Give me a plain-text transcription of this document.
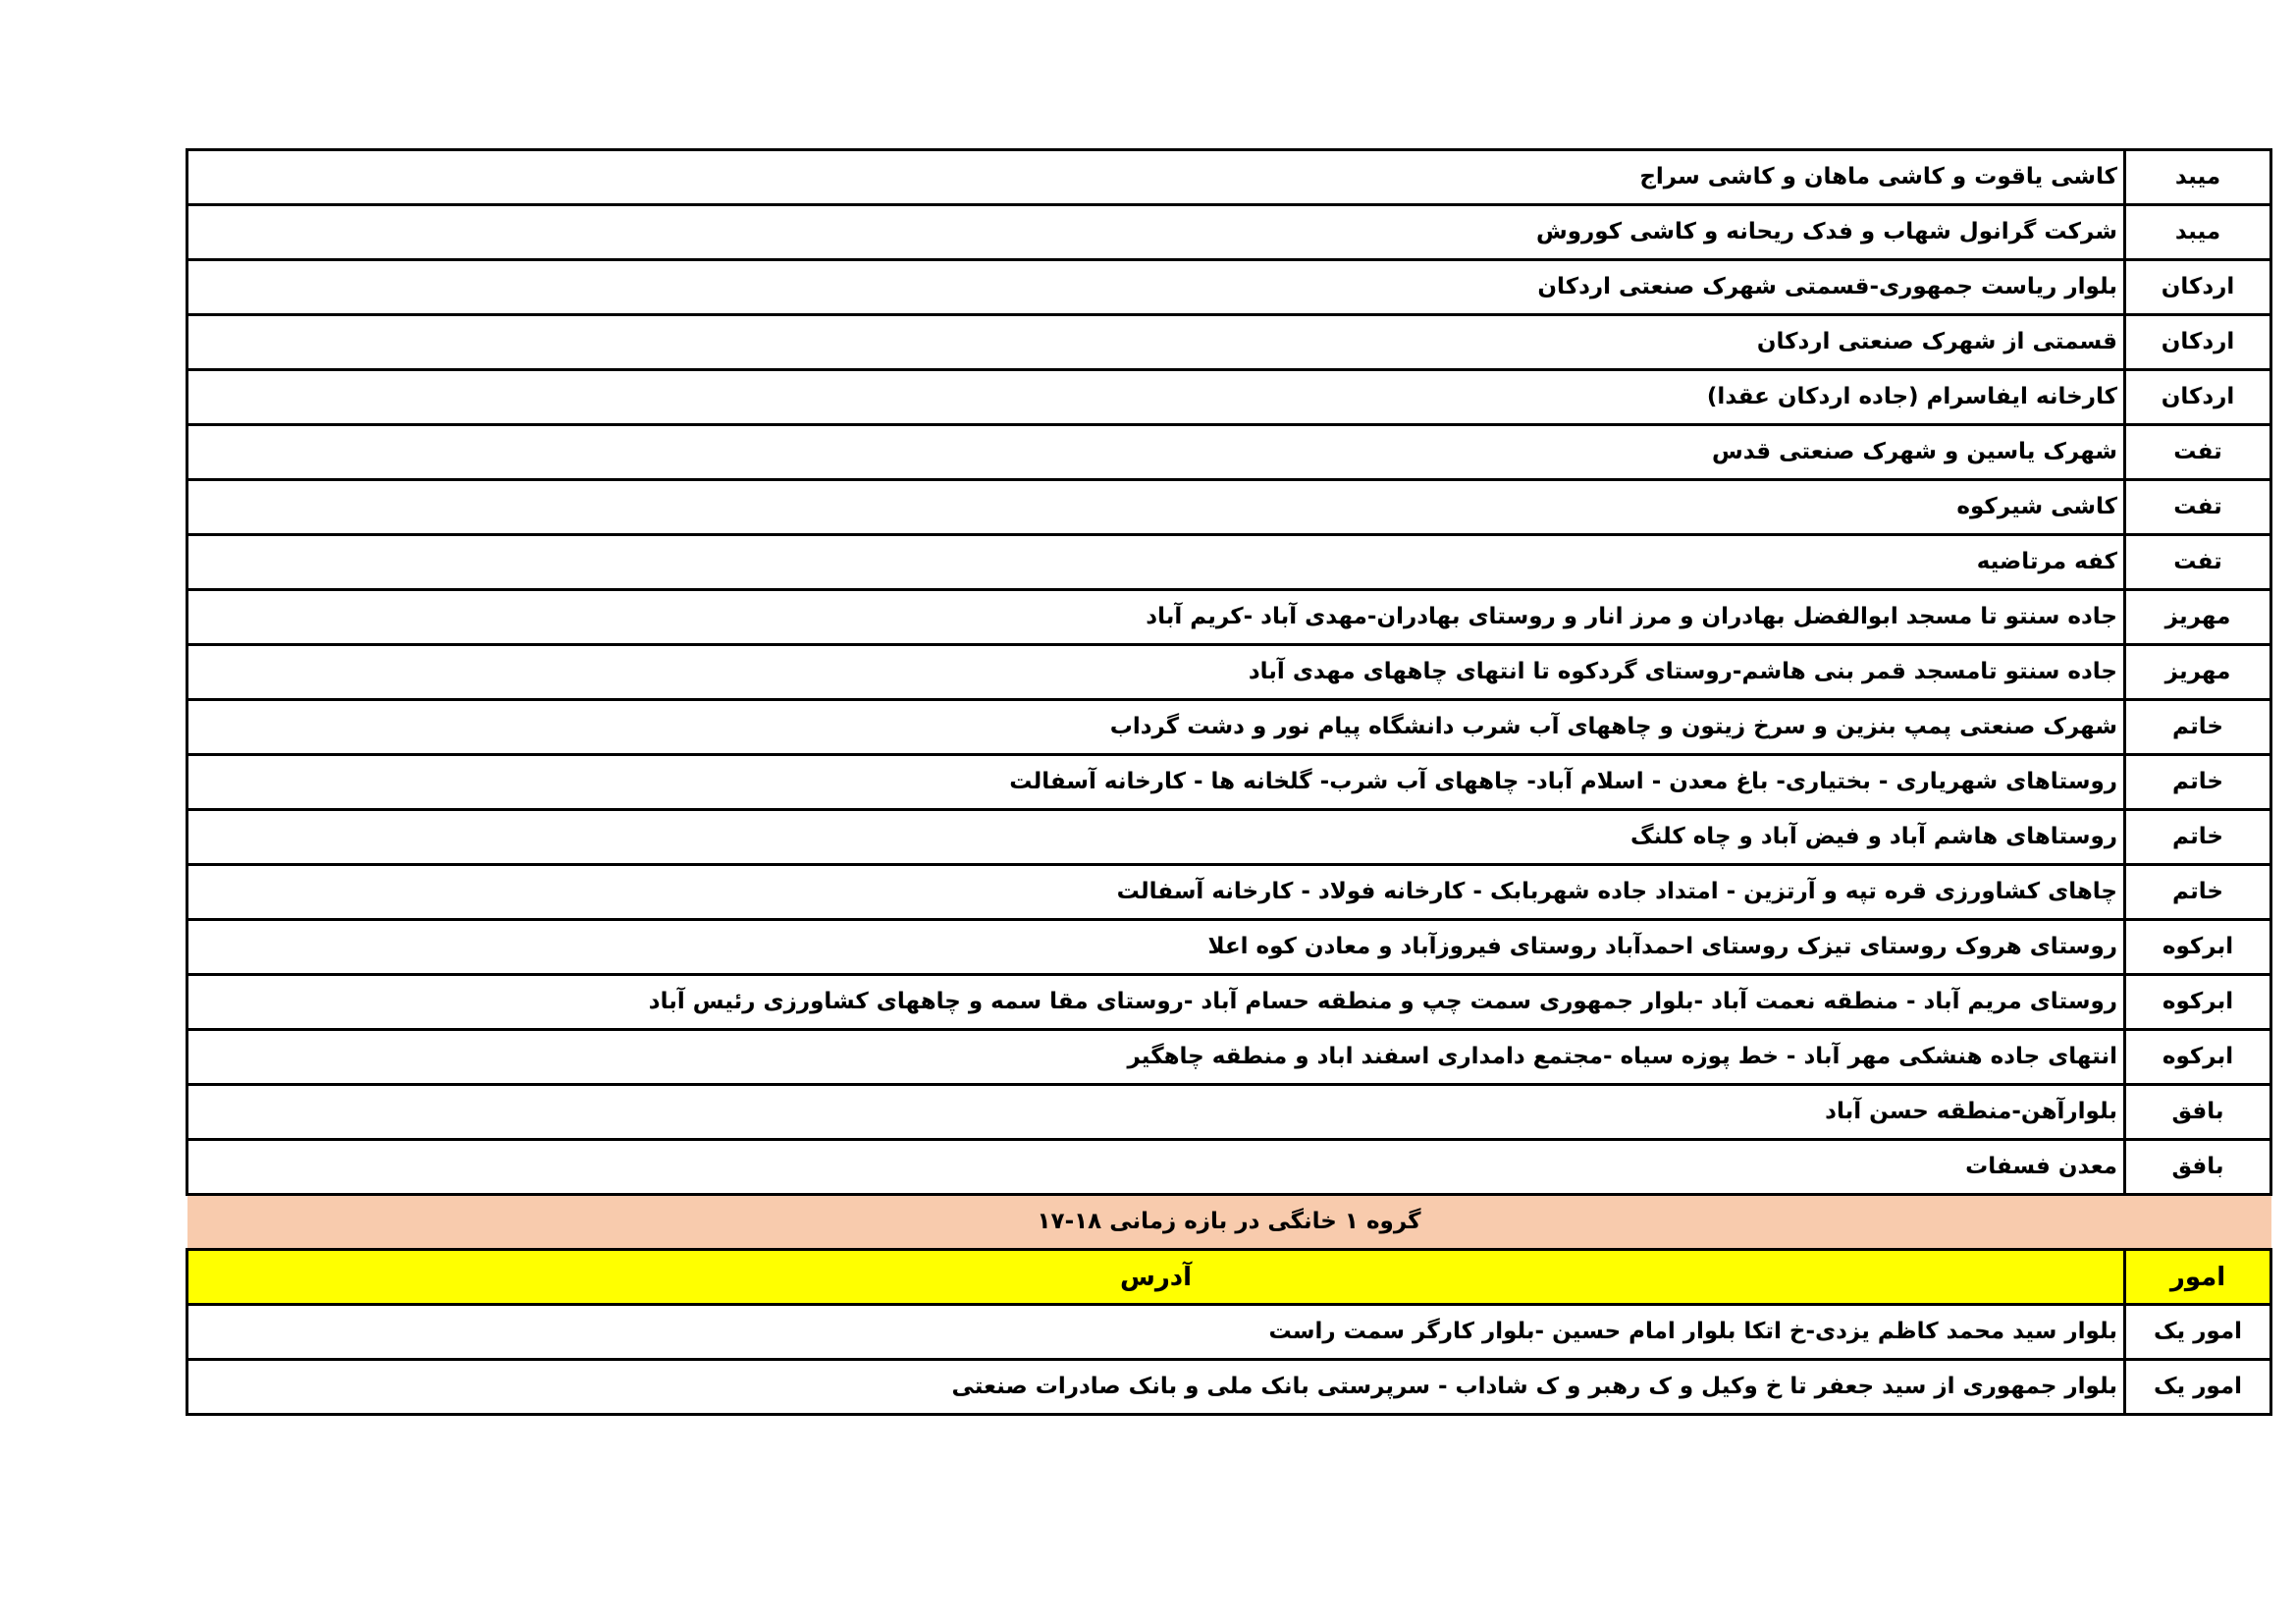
میبد	کاشی یاقوت و کاشی ماهان و کاشی سراج
میبد	شرکت گرانول شهاب و فدک ریحانه و کاشی کوروش
اردکان	بلوار ریاست جمهوری-قسمتی شهرک صنعتی اردکان
اردکان	قسمتی از شهرک صنعتی اردکان
اردکان	کارخانه ایفاسرام (جاده اردکان عقدا)
تفت	شهرک یاسین و شهرک صنعتی قدس
تفت	کاشی شیرکوه
تفت	کفه مرتاضیه
مهریز	جاده سنتو تا مسجد ابوالفضل بهادران و مرز انار و روستای بهادران-مهدی آباد -کریم آباد
مهریز	جاده سنتو تامسجد قمر بنی هاشم-روستای گردکوه تا انتهای چاههای مهدی آباد
خاتم	شهرک صنعتی پمپ بنزین و سرخ زیتون و چاههای آب شرب دانشگاه پیام نور و دشت گرداب
خاتم	روستاهای شهریاری - بختیاری- باغ معدن - اسلام آباد- چاههای آب شرب- گلخانه ها - کارخانه آسفالت
خاتم	روستاهای هاشم آباد و فیض آباد و چاه کلنگ
خاتم	چاهای کشاورزی قره تپه و آرتزین - امتداد جاده شهربابک - کارخانه فولاد - کارخانه آسفالت
ابرکوه	روستای هروک روستای تیزک روستای احمدآباد روستای فیروزآباد و معادن کوه اعلا
ابرکوه	روستای مریم آباد - منطقه نعمت آباد -بلوار جمهوری سمت چپ و منطقه حسام آباد -روستای مقا سمه و چاههای کشاورزی رئیس آباد
ابرکوه	انتهای جاده هنشکی مهر آباد - خط پوزه سیاه -مجتمع دامداری اسفند اباد و منطقه چاهگیر
بافق	بلوارآهن-منطقه حسن آباد
بافق	معدن فسفات
گروه ۱ خانگی در بازه زمانی ۱۸-۱۷	
امور	آدرس
امور یک	بلوار سید محمد کاظم یزدی-خ اتکا بلوار امام حسین -بلوار کارگر سمت راست
امور یک	بلوار جمهوری از سید جعفر تا خ وکیل و ک رهبر و ک شاداب - سرپرستی بانک ملی و بانک صادرات صنعتی
